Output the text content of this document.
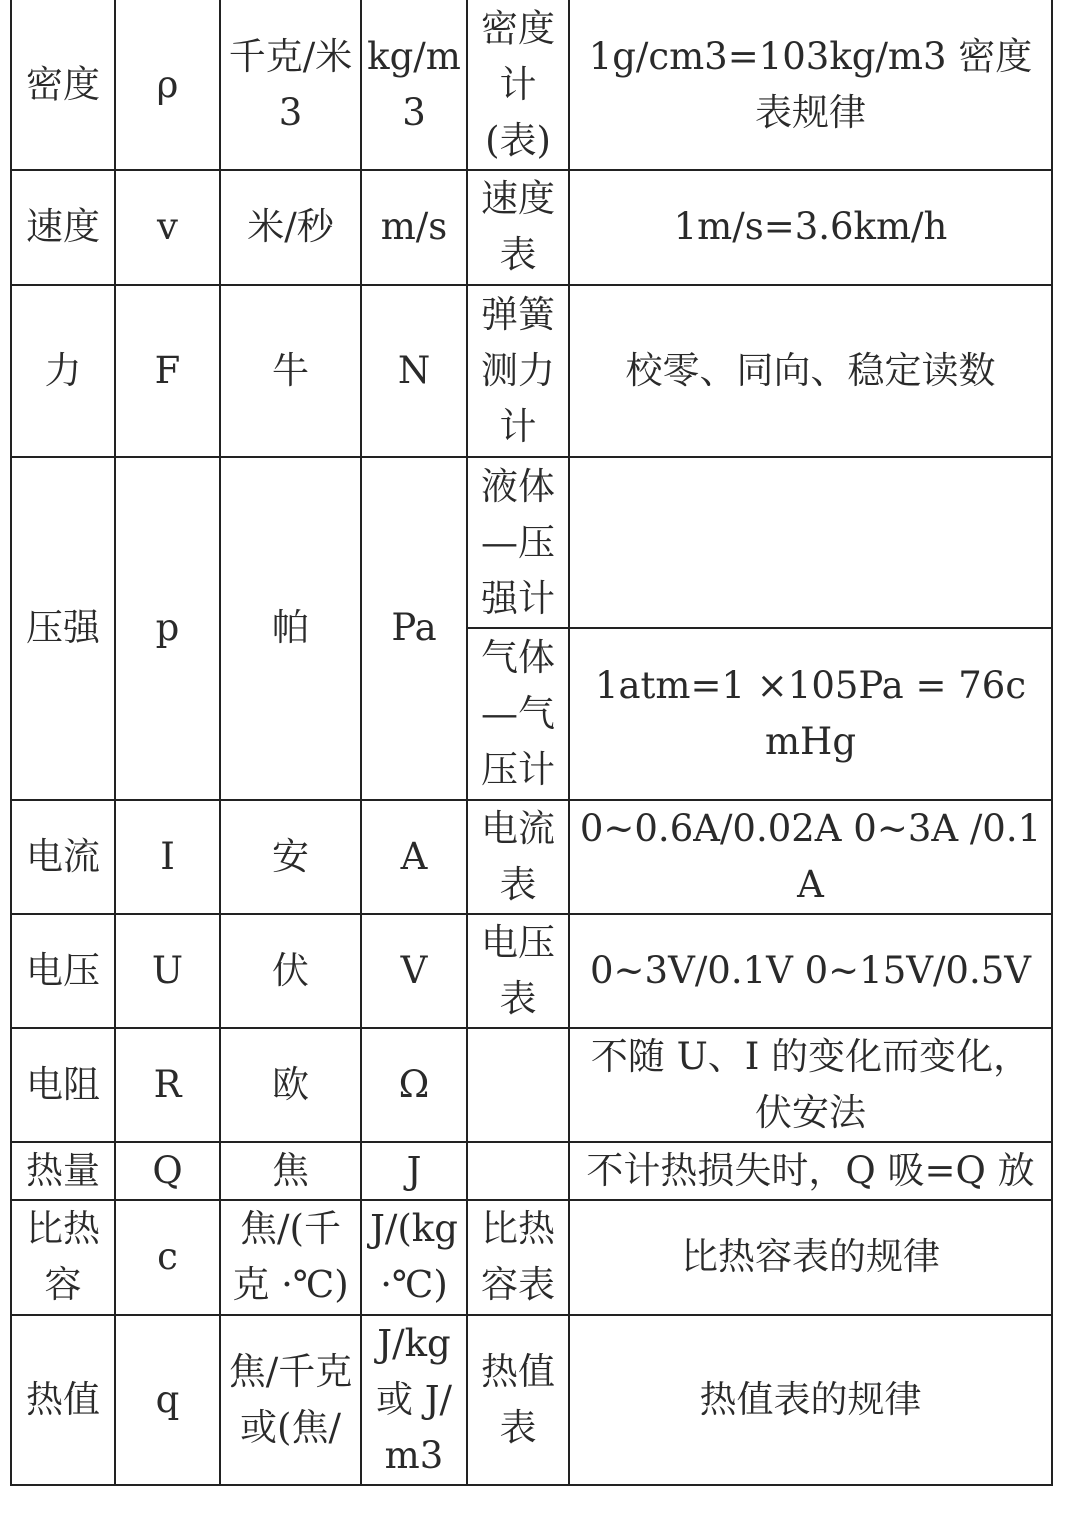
密度	ρ	千克/米 3	kg/m 3	密度计(表)	1g/cm3=103kg/m3 密度表规律
速度	v	米/秒	m/s	速度表	1m/s=3.6km/h
力	F	牛	N	弹簧测力计	校零、同向、稳定读数
压强	p	帕	Pa	液体—压强计	
				气体—气压计	1atm=1 ×105Pa = 76cmHg
电流	I	安	A	电流表	0~0.6A/0.02A 0~3A /0.1A
电压	U	伏	V	电压表	0~3V/0.1V 0~15V/0.5V
电阻	R	欧	Ω		不随 U、I 的变化而变化，伏安法
热量	Q	焦	J		不计热损失时，Q 吸=Q 放
比热容	c	焦/(千克 ·℃)	J/(kg ·℃)	比热容表	比热容表的规律
热值	q	焦/千克或(焦/	J/kg或 J/m3	热值表	热值表的规律
